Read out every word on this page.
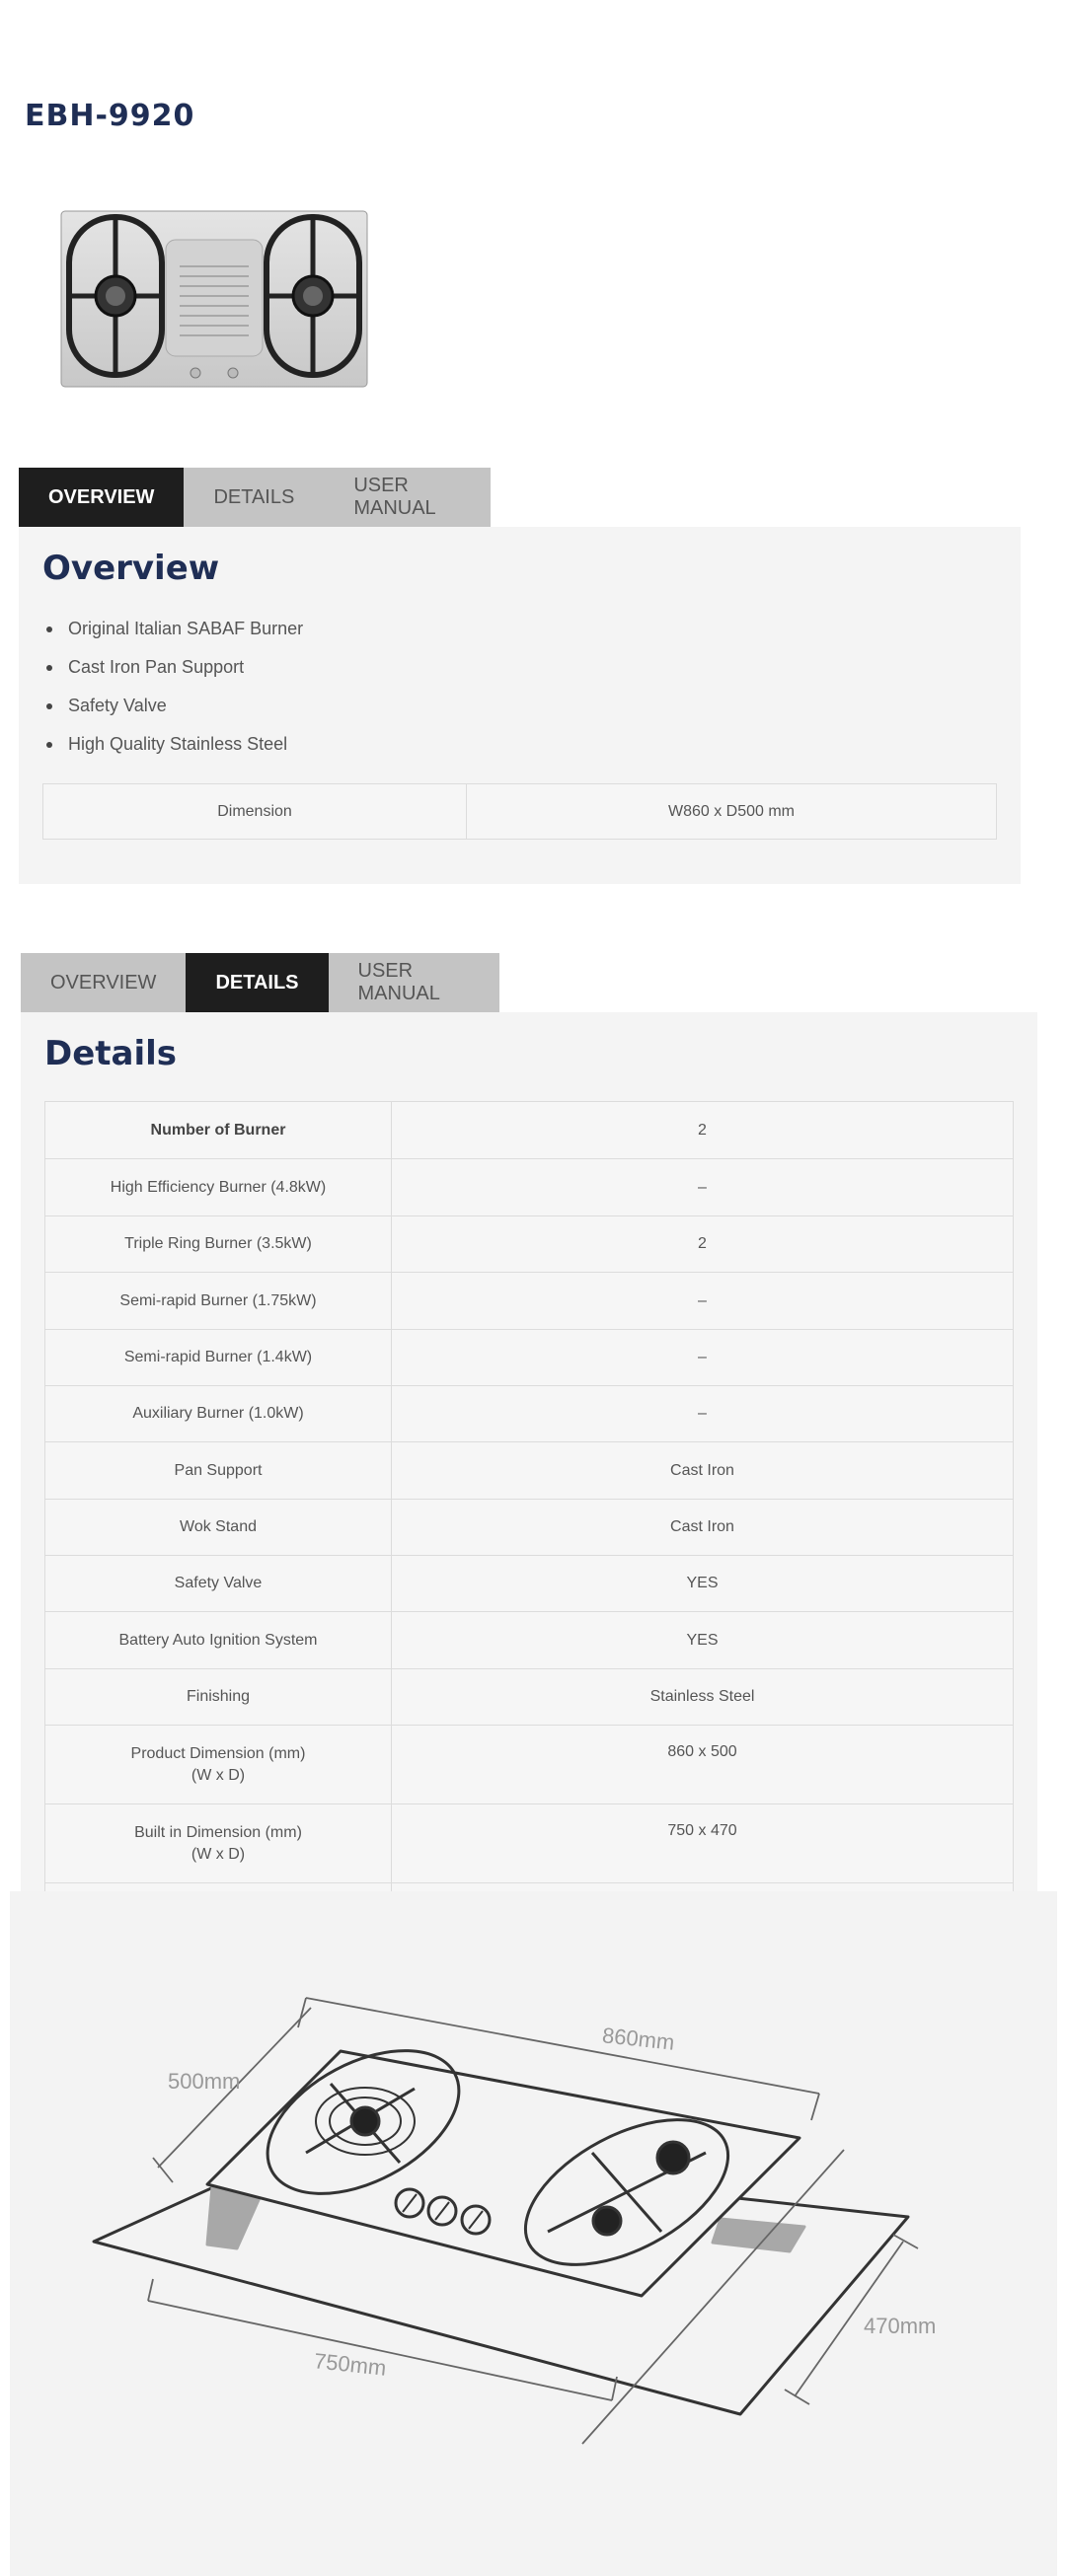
EBH-9920
OVERVIEW	DETAILS
USER MANUAL
Overview
Original Italian SABAF Burner
Cast Iron Pan Support
Safety Valve
High Quality Stainless Steel
Dimension	W860 x D500 mm
OVERVIEW	DETAILS
USER MANUAL
Details
Number of Burner	2
High Efficiency Burner (4.8kW)	–
Triple Ring Burner (3.5kW)	2
Semi-rapid Burner (1.75kW)	–
Semi-rapid Burner (1.4kW)	–
Auxiliary Burner (1.0kW)	–
Pan Support	Cast Iron
Wok Stand	Cast Iron
Safety Valve	YES
Battery Auto Ignition System	YES
Finishing	Stainless Steel

Product Dimension (mm)
(W x D)	860 x 500

Built in Dimension (mm)
(W x D)	750 x 470

860mm
500mm
750mm
470mm
